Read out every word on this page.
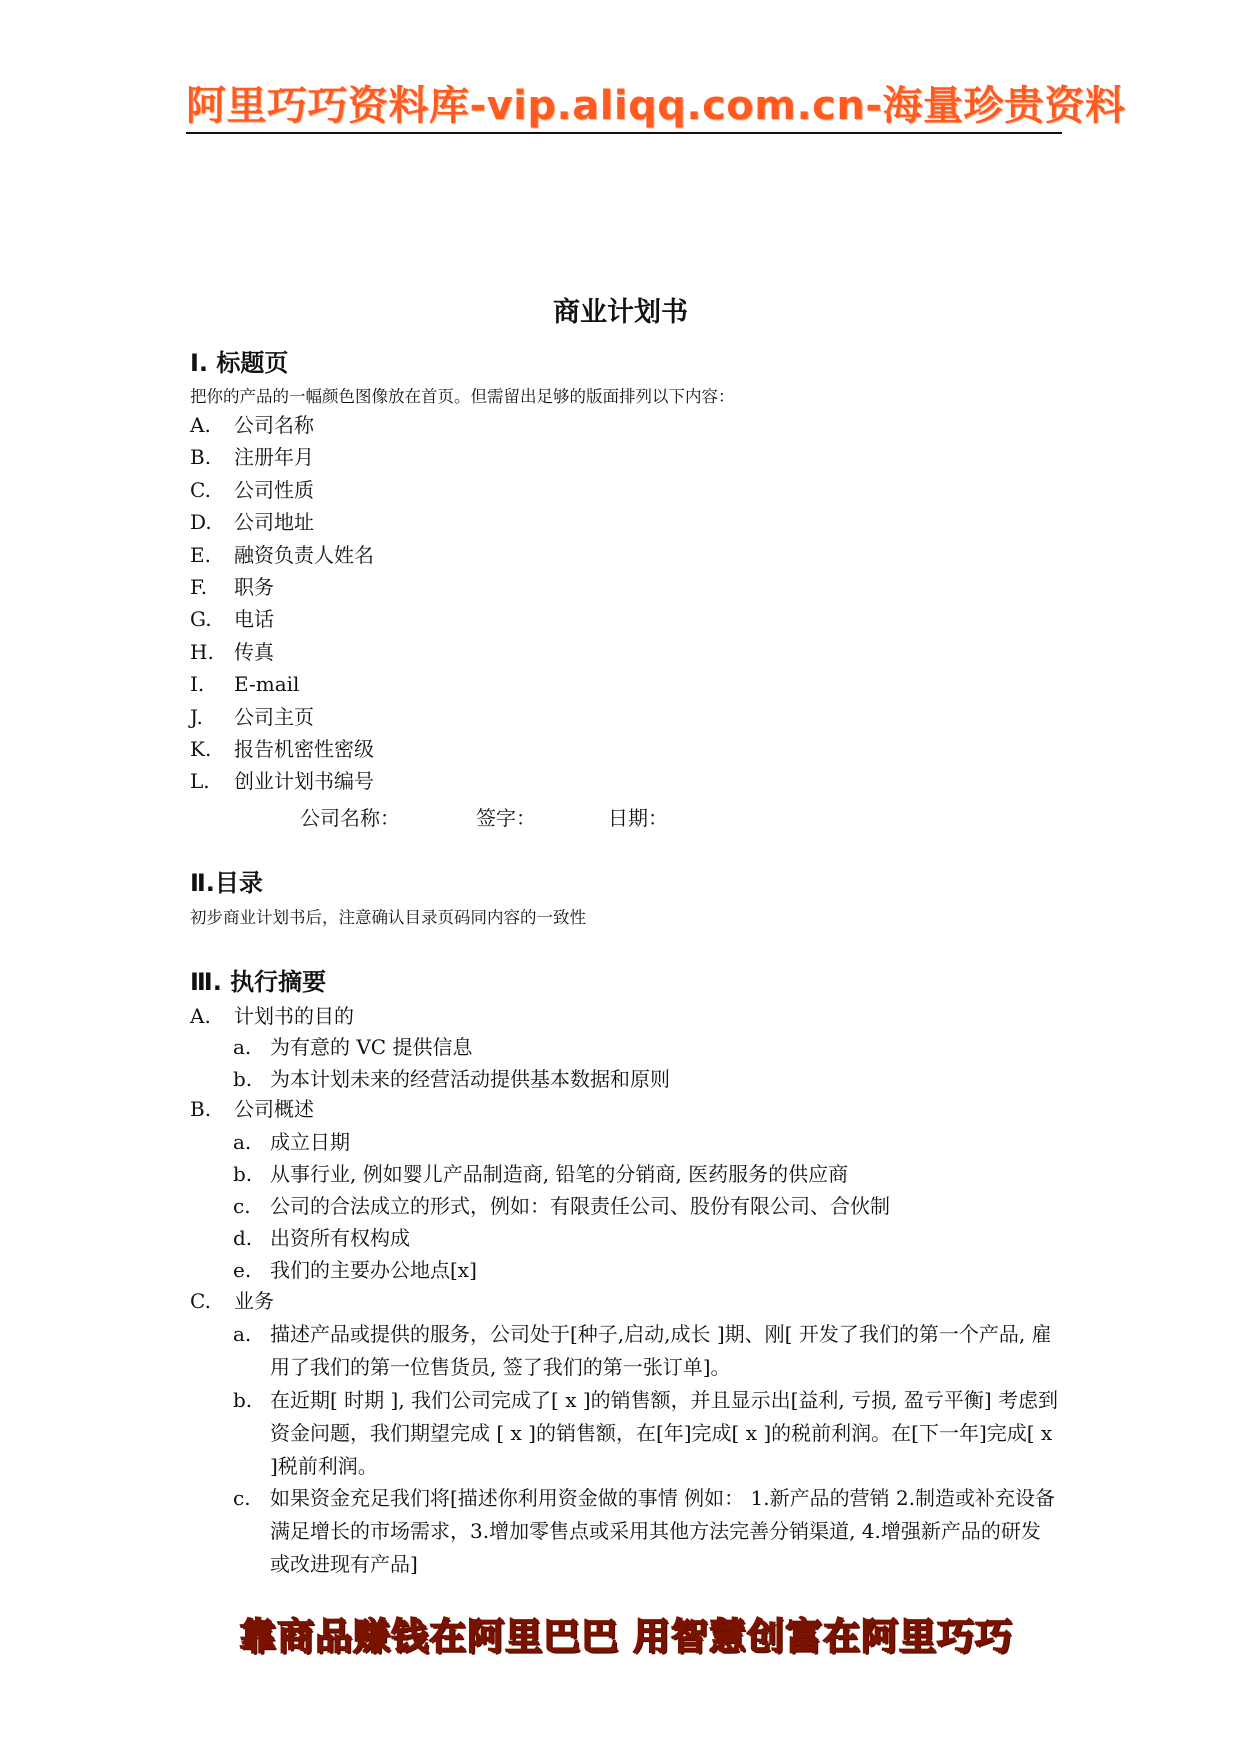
阿里巧巧资料库-vip.aliqq.com.cn-海量珍贵资料
商业计划书
Ⅰ. 标题页
把你的产品的一幅颜色图像放在首页。但需留出足够的版面排列以下内容：
A. 公司名称
B. 注册年月
C. 公司性质
D. 公司地址
E. 融资负责人姓名
F. 职务
G. 电话
H. 传真
I. E-mail
J. 公司主页
K. 报告机密性密级
L. 创业计划书编号
公司名称：	签字：	日期：
Ⅱ.目录
初步商业计划书后，注意确认目录页码同内容的一致性
Ⅲ. 执行摘要
A. 计划书的目的
a. 为有意的 VC 提供信息
b. 为本计划未来的经营活动提供基本数据和原则
B. 公司概述
a. 成立日期
b. 从事行业, 例如婴儿产品制造商, 铅笔的分销商, 医药服务的供应商
c. 公司的合法成立的形式，例如：有限责任公司、股份有限公司、合伙制
d. 出资所有权构成
e. 我们的主要办公地点[x]
C. 业务
a. 描述产品或提供的服务，公司处于[种子,启动,成长 ]期、刚[ 开发了我们的第一个产品, 雇用了我们的第一位售货员, 签了我们的第一张订单]。
b. 在近期[ 时期 ], 我们公司完成了[ x ]的销售额，并且显示出[益利, 亏损, 盈亏平衡] 考虑到资金问题，我们期望完成 [ x ]的销售额，在[年]完成[ x ]的税前利润。在[下一年]完成[ x ]税前利润。
c. 如果资金充足我们将[描述你利用资金做的事情 例如： 1.新产品的营销 2.制造或补充设备满足增长的市场需求，3.增加零售点或采用其他方法完善分销渠道, 4.增强新产品的研发或改进现有产品]
靠商品赚钱在阿里巴巴 用智慧创富在阿里巧巧
